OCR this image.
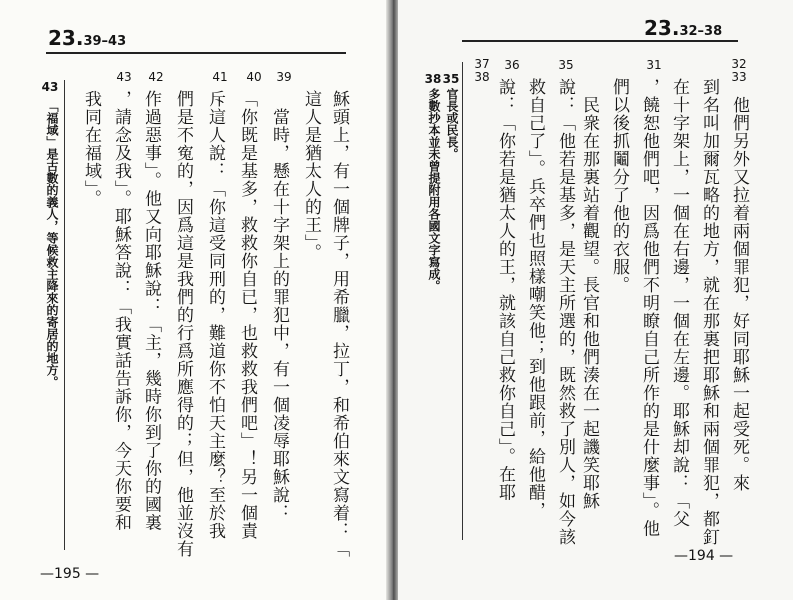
23.39–43
39
40
41
42
43
穌頭上，有一個牌子，用希臘，拉丁，和希伯來文寫着：「
這人是猶太人的王」。
當時，懸在十字架上的罪犯中，有一個凌辱耶穌說：
「你既是基多，救救你自已，也救救我們吧」！另一個責
斥這人說：「你這受同刑的，難道你不怕天主麼？至於我
們是不寃的，因爲這是我們的行爲所應得的；但，他並沒有
作過惡事」。他又向耶穌說：「主，幾時你到了你的國裏
，請念及我」。耶穌答說：「我實話告訴你，今天你要和
我同在福域」。
43
「福域」是古數的義人，等候救主降來的寄居的地方。
—195 —
23.32–38
32 33
31
35
36
37 38
他們另外又拉着兩個罪犯，好同耶穌一起受死。來
到名叫加爾瓦略的地方，就在那裏把耶穌和兩個罪犯，都釘
在十字架上，一個在右邊，一個在左邊。耶穌却說：「父
，饒恕他們吧，因爲他們不明瞭自己所作的是什麼事」。他
們以後抓鬮分了他的衣服。
說：「他若是基多，是天主所選的，既然救了別人，如今該 民衆在那裏站着觀望。長官和他們湊在一起譏笑耶穌
救自己了」。兵卒們也照樣嘲笑他；到他跟前，給他醋，
說：「你若是猶太人的王，就該自己救你自己」。在耶
35
官長或民長。
38
多數抄本並未曾提附用各國文字寫成。
—194 —
